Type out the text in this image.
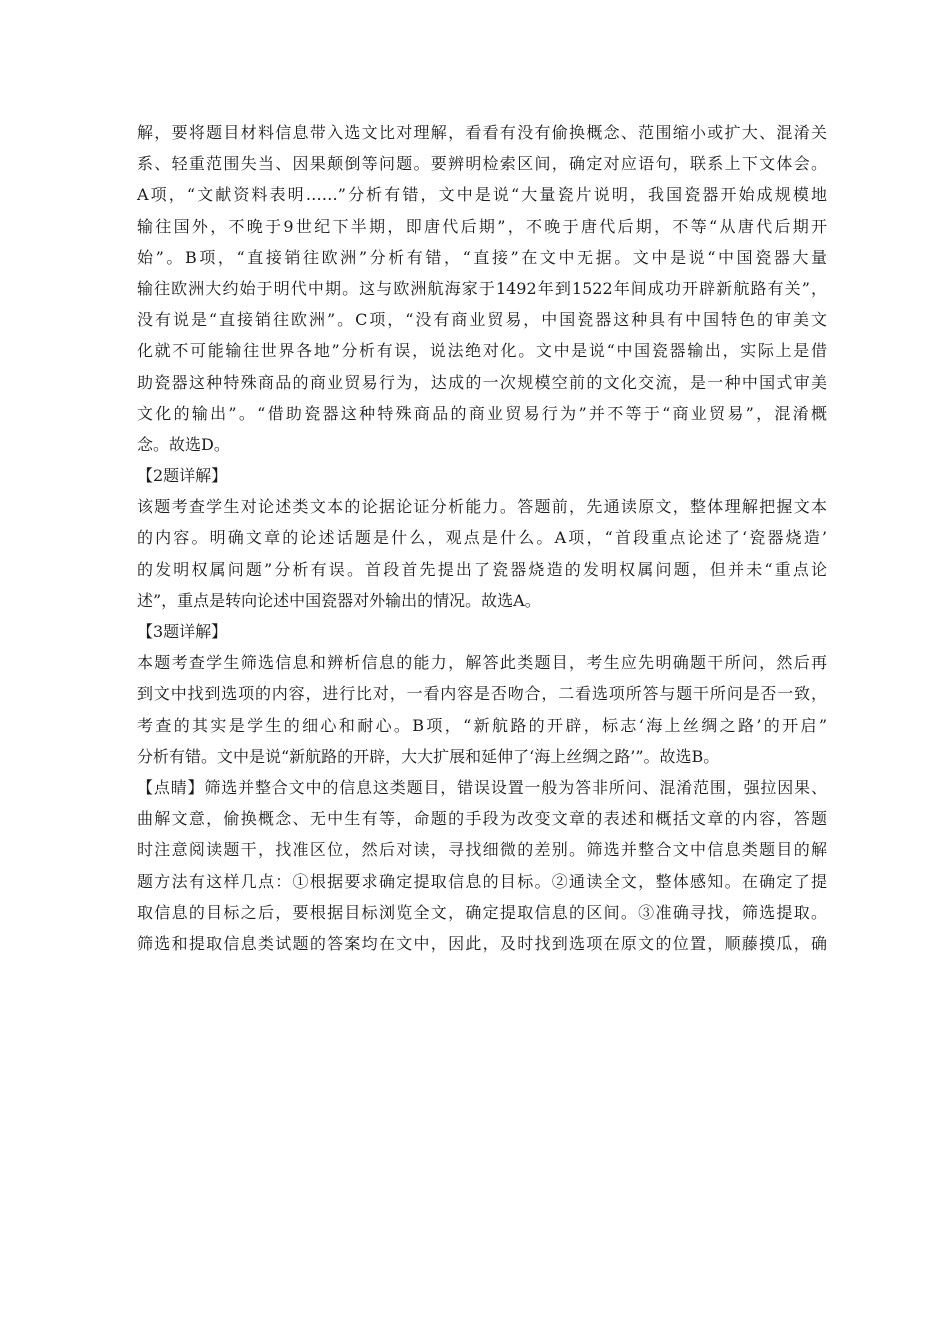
解，要将题目材料信息带入选文比对理解，看看有没有偷换概念、范围缩小或扩大、混淆关
系、轻重范围失当、因果颠倒等问题。要辨明检索区间，确定对应语句，联系上下文体会。
A项，“文献资料表明……”分析有错，文中是说“大量瓷片说明，我国瓷器开始成规模地
输往国外，不晚于9世纪下半期，即唐代后期”，不晚于唐代后期，不等“从唐代后期开
始”。B项，“直接销往欧洲”分析有错，“直接”在文中无据。文中是说“中国瓷器大量
输往欧洲大约始于明代中期。这与欧洲航海家于1492年到1522年间成功开辟新航路有关”，
没有说是“直接销往欧洲”。C项，“没有商业贸易，中国瓷器这种具有中国特色的审美文
化就不可能输往世界各地”分析有误，说法绝对化。文中是说“中国瓷器输出，实际上是借
助瓷器这种特殊商品的商业贸易行为，达成的一次规模空前的文化交流，是一种中国式审美
文化的输出”。“借助瓷器这种特殊商品的商业贸易行为”并不等于“商业贸易”，混淆概
念。故选D。
【2题详解】
该题考查学生对论述类文本的论据论证分析能力。答题前，先通读原文，整体理解把握文本
的内容。明确文章的论述话题是什么，观点是什么。A项，“首段重点论述了‘瓷器烧造’
的发明权属问题”分析有误。首段首先提出了瓷器烧造的发明权属问题，但并未“重点论
述”，重点是转向论述中国瓷器对外输出的情况。故选A。
【3题详解】
本题考查学生筛选信息和辨析信息的能力，解答此类题目，考生应先明确题干所问，然后再
到文中找到选项的内容，进行比对，一看内容是否吻合，二看选项所答与题干所问是否一致，
考查的其实是学生的细心和耐心。B项，“新航路的开辟，标志‘海上丝绸之路’的开启”
分析有错。文中是说“新航路的开辟，大大扩展和延伸了‘海上丝绸之路’”。故选B。
【点睛】筛选并整合文中的信息这类题目，错误设置一般为答非所问、混淆范围，强拉因果、
曲解文意，偷换概念、无中生有等，命题的手段为改变文章的表述和概括文章的内容，答题
时注意阅读题干，找准区位，然后对读，寻找细微的差别。筛选并整合文中信息类题目的解
题方法有这样几点：①根据要求确定提取信息的目标。②通读全文，整体感知。在确定了提
取信息的目标之后，要根据目标浏览全文，确定提取信息的区间。③准确寻找，筛选提取。
筛选和提取信息类试题的答案均在文中，因此，及时找到选项在原文的位置，顺藤摸瓜，确
